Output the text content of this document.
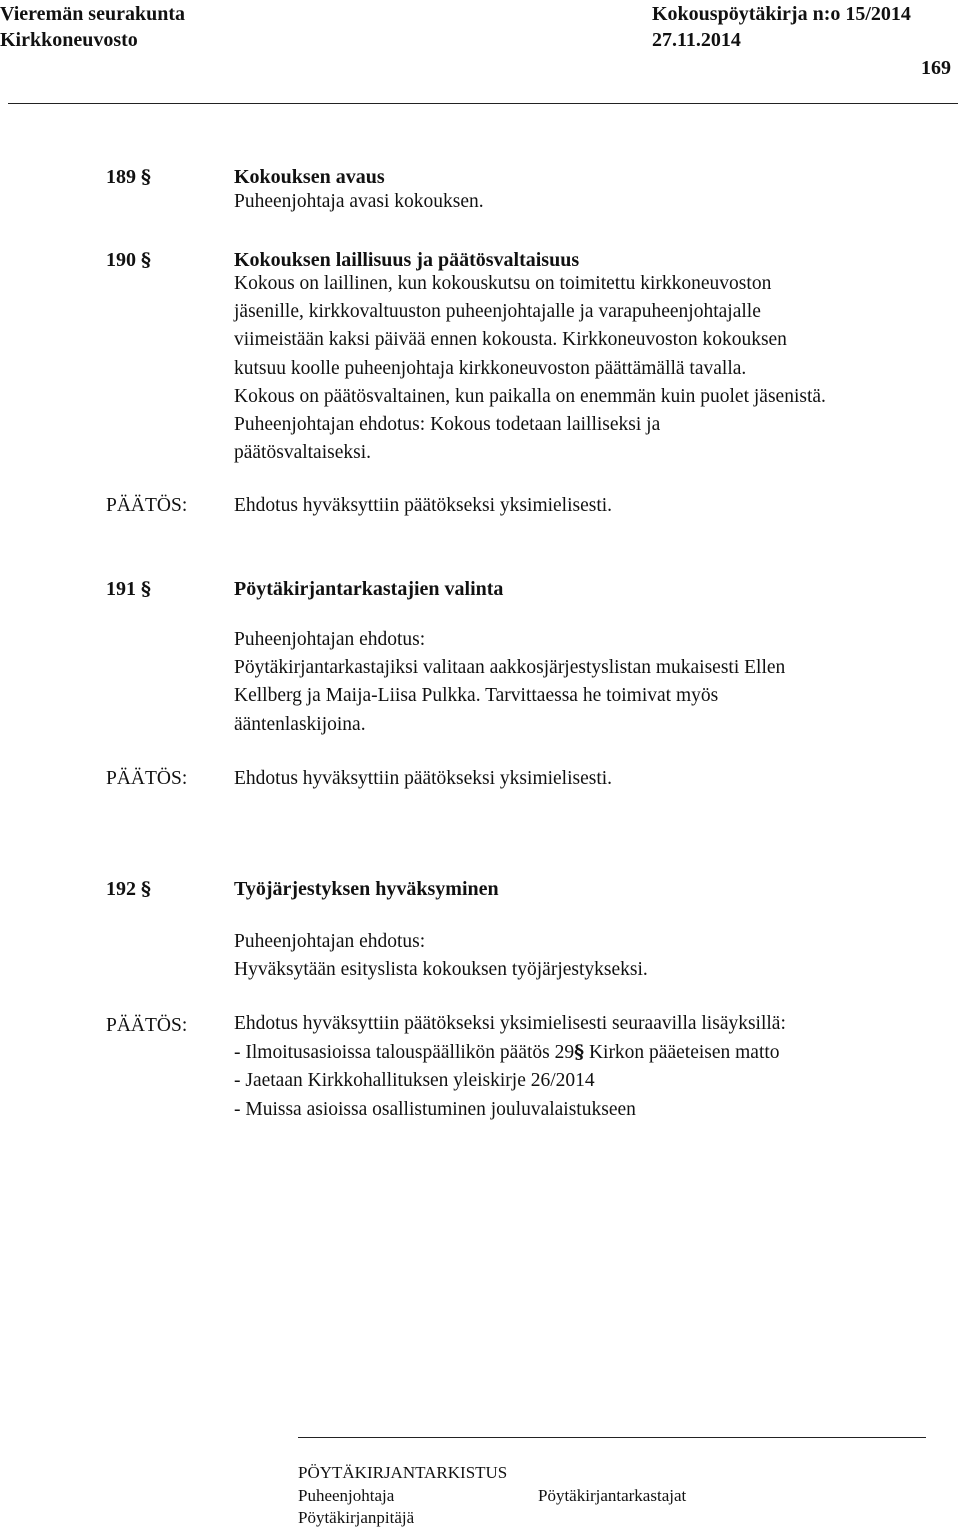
Vieremän seurakunta	Kokouspöytäkirja n:o 15/2014
Kirkkoneuvosto	27.11.2014
169
189 §	Kokouksen avaus
Puheenjohtaja avasi kokouksen.
190 §	Kokouksen laillisuus ja päätösvaltaisuus
Kokous on laillinen, kun kokouskutsu on toimitettu kirkkoneuvoston
jäsenille, kirkkovaltuuston puheenjohtajalle ja varapuheenjohtajalle
viimeistään kaksi päivää ennen kokousta. Kirkkoneuvoston kokouksen
kutsuu koolle puheenjohtaja kirkkoneuvoston päättämällä tavalla.
Kokous on päätösvaltainen, kun paikalla on enemmän kuin puolet jäsenistä.
Puheenjohtajan ehdotus: Kokous todetaan lailliseksi ja
päätösvaltaiseksi.
PÄÄTÖS: Ehdotus hyväksyttiin päätökseksi yksimielisesti.
191 §	Pöytäkirjantarkastajien valinta
Puheenjohtajan ehdotus:
Pöytäkirjantarkastajiksi valitaan aakkosjärjestyslistan mukaisesti Ellen
Kellberg ja Maija-Liisa Pulkka. Tarvittaessa he toimivat myös
ääntenlaskijoina.
PÄÄTÖS: Ehdotus hyväksyttiin päätökseksi yksimielisesti.
192 §	Työjärjestyksen hyväksyminen
Puheenjohtajan ehdotus:
Hyväksytään esityslista kokouksen työjärjestykseksi.
PÄÄTÖS: Ehdotus hyväksyttiin päätökseksi yksimielisesti seuraavilla lisäyksillä:
- Ilmoitusasioissa talouspäällikön päätös 29§ Kirkon pääeteisen matto
- Jaetaan Kirkkohallituksen yleiskirje 26/2014
- Muissa asioissa osallistuminen jouluvalaistukseen
PÖYTÄKIRJANTARKISTUS
Puheenjohtaja	Pöytäkirjantarkastajat
Pöytäkirjanpitäjä
